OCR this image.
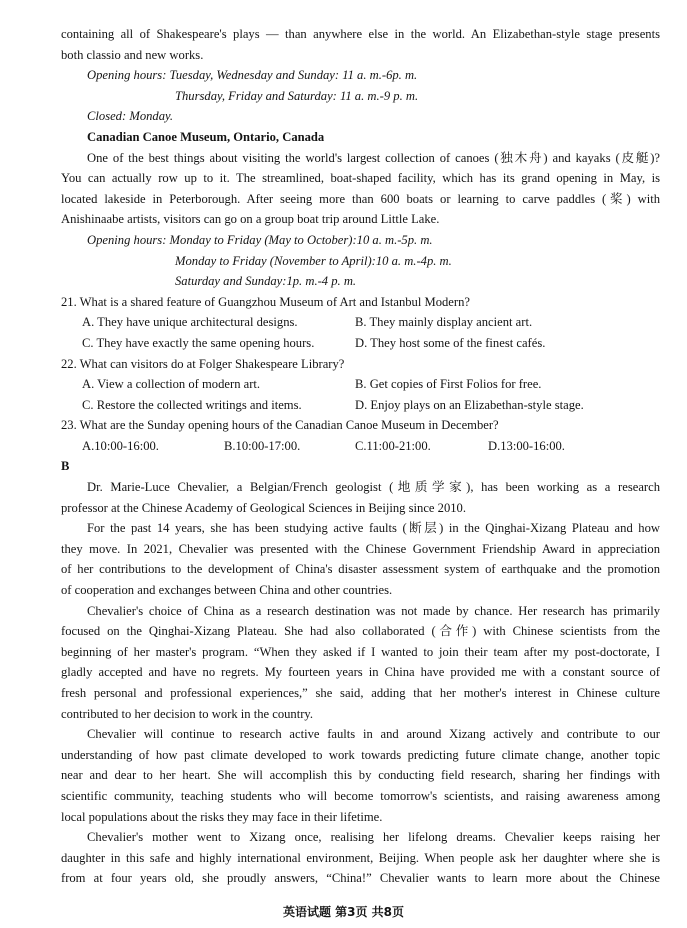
containing all of Shakespeare's plays — than anywhere else in the world. An Elizabethan-style stage presents
both classio and new works.
Opening hours: Tuesday, Wednesday and Sunday: 11 a. m.-6p. m.
Thursday, Friday and Saturday: 11 a. m.-9 p. m.
Closed: Monday.
Canadian Canoe Museum, Ontario, Canada
One of the best things about visiting the world's largest collection of canoes (独木舟) and kayaks (皮艇)?
You can actually row up to it. The streamlined, boat-shaped facility, which has its grand opening in May, is
located lakeside in Peterborough. After seeing more than 600 boats or learning to carve paddles (桨) with
Anishinaabe artists, visitors can go on a group boat trip around Little Lake.
Opening hours: Monday to Friday (May to October):10 a. m.-5p. m.
Monday to Friday (November to April):10 a. m.-4p. m.
Saturday and Sunday:1p. m.-4 p. m.
21. What is a shared feature of Guangzhou Museum of Art and Istanbul Modern?
A. They have unique architectural designs.	B. They mainly display ancient art.
C. They have exactly the same opening hours.	D. They host some of the finest cafés.
22. What can visitors do at Folger Shakespeare Library?
A. View a collection of modern art.	B. Get copies of First Folios for free.
C. Restore the collected writings and items.	D. Enjoy plays on an Elizabethan-style stage.
23. What are the Sunday opening hours of the Canadian Canoe Museum in December?
A.10:00-16:00.	B.10:00-17:00.	C.11:00-21:00.	D.13:00-16:00.
B
Dr. Marie-Luce Chevalier, a Belgian/French geologist (地质学家), has been working as a research
professor at the Chinese Academy of Geological Sciences in Beijing since 2010.
For the past 14 years, she has been studying active faults (断层) in the Qinghai-Xizang Plateau and how
they move. In 2021, Chevalier was presented with the Chinese Government Friendship Award in appreciation
of her contributions to the development of China's disaster assessment system of earthquake and the promotion
of cooperation and exchanges between China and other countries.
Chevalier's choice of China as a research destination was not made by chance. Her research has primarily
focused on the Qinghai-Xizang Plateau. She had also collaborated (合作) with Chinese scientists from the
beginning of her master's program. “When they asked if I wanted to join their team after my post-doctorate, I
gladly accepted and have no regrets. My fourteen years in China have provided me with a constant source of
fresh personal and professional experiences,” she said, adding that her mother's interest in Chinese culture
contributed to her decision to work in the country.
Chevalier will continue to research active faults in and around Xizang actively and contribute to our
understanding of how past climate developed to work towards predicting future climate change, another topic
near and dear to her heart. She will accomplish this by conducting field research, sharing her findings with
scientific community, teaching students who will become tomorrow's scientists, and raising awareness among
local populations about the risks they may face in their lifetime.
Chevalier's mother went to Xizang once, realising her lifelong dreams. Chevalier keeps raising her
daughter in this safe and highly international environment, Beijing. When people ask her daughter where she is
from at four years old, she proudly answers, “China!” Chevalier wants to learn more about the Chinese
英语试题 第3页 共8页
